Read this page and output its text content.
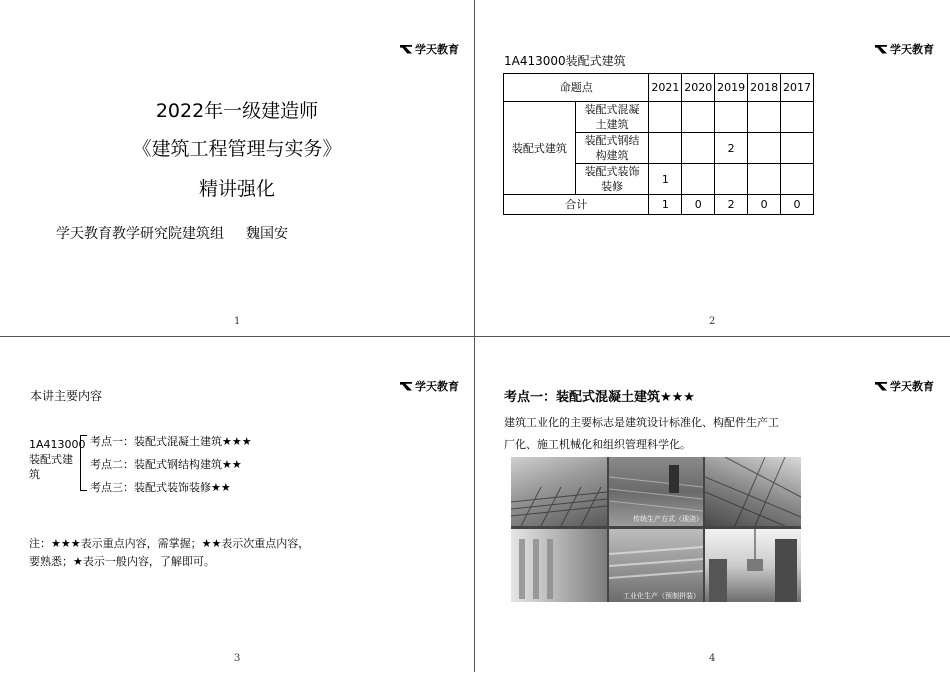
学天教育
2022年一级建造师
《建筑工程管理与实务》
精讲强化
学天教育教学研究院建筑组 魏国安
1
学天教育
1A413000装配式建筑
命题点		2021	2020	2019	2018	2017
装配式建筑	装配式混凝
土建筑					
	装配式钢结
构建筑			2		
	装配式装饰
装修	1				
合计		1	0	2	0	0
2
学天教育
本讲主要内容
1A413000
装配式建
筑
考点一：装配式混凝土建筑★★★
考点二：装配式钢结构建筑★★
考点三：装配式装饰装修★★
注：★★★表示重点内容，需掌握；★★表示次重点内容，
要熟悉；★表示一般内容，了解即可。
3
学天教育
考点一：装配式混凝土建筑★★★
建筑工业化的主要标志是建筑设计标准化、构配件生产工
厂化、施工机械化和组织管理科学化。
传统生产方式（现浇）
工业化生产（预制拼装）
4
